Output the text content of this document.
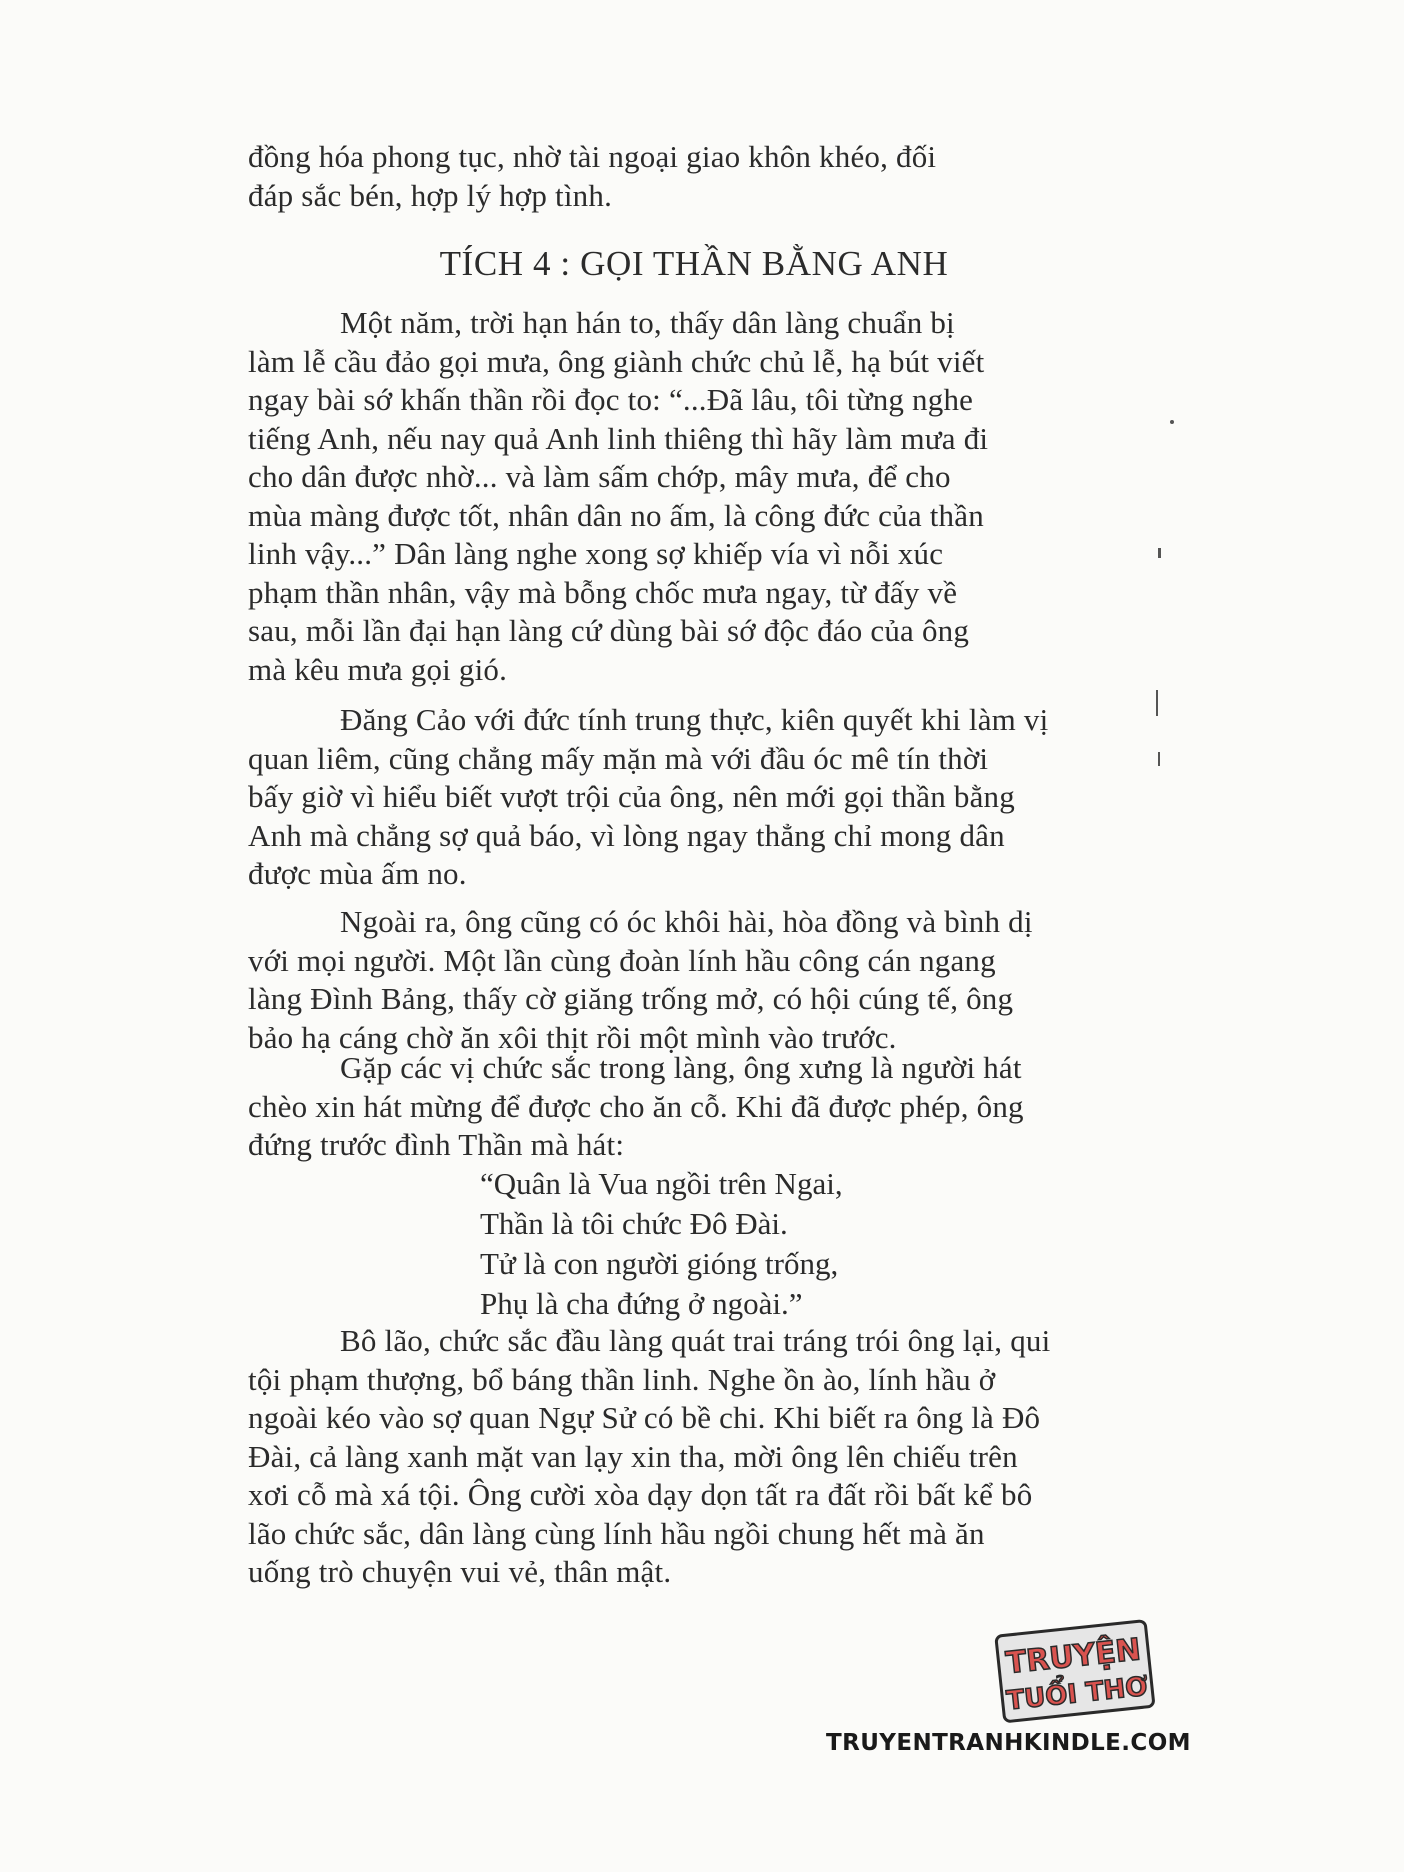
đồng hóa phong tục, nhờ tài ngoại giao khôn khéo, đối

đáp sắc bén, hợp lý hợp tình.

TÍCH 4 : GỌI THẦN BẰNG ANH

Một năm, trời hạn hán to, thấy dân làng chuẩn bị

làm lễ cầu đảo gọi mưa, ông giành chức chủ lễ, hạ bút viết

ngay bài sớ khấn thần rồi đọc to: “...Đã lâu, tôi từng nghe

tiếng Anh, nếu nay quả Anh linh thiêng thì hãy làm mưa đi

cho dân được nhờ... và làm sấm chớp, mây mưa, để cho

mùa màng được tốt, nhân dân no ấm, là công đức của thần

linh vậy...” Dân làng nghe xong sợ khiếp vía vì nỗi xúc

phạm thần nhân, vậy mà bỗng chốc mưa ngay, từ đấy về

sau, mỗi lần đại hạn làng cứ dùng bài sớ độc đáo của ông

mà kêu mưa gọi gió.

Đăng Cảo với đức tính trung thực, kiên quyết khi làm vị

quan liêm, cũng chẳng mấy mặn mà với đầu óc mê tín thời

bấy giờ vì hiểu biết vượt trội của ông, nên mới gọi thần bằng

Anh mà chẳng sợ quả báo, vì lòng ngay thẳng chỉ mong dân

được mùa ấm no.

Ngoài ra, ông cũng có óc khôi hài, hòa đồng và bình dị

với mọi người. Một lần cùng đoàn lính hầu công cán ngang

làng Đình Bảng, thấy cờ giăng trống mở, có hội cúng tế, ông

bảo hạ cáng chờ ăn xôi thịt rồi một mình vào trước.

Gặp các vị chức sắc trong làng, ông xưng là người hát

chèo xin hát mừng để được cho ăn cỗ. Khi đã được phép, ông

đứng trước đình Thần mà hát:

“Quân là Vua ngồi trên Ngai,
Thần là tôi chức Đô Đài.
Tử là con người gióng trống,
Phụ là cha đứng ở ngoài.”

Bô lão, chức sắc đầu làng quát trai tráng trói ông lại, qui

tội phạm thượng, bổ báng thần linh. Nghe ồn ào, lính hầu ở

ngoài kéo vào sợ quan Ngự Sử có bề chi. Khi biết ra ông là Đô

Đài, cả làng xanh mặt van lạy xin tha, mời ông lên chiếu trên

xơi cỗ mà xá tội. Ông cười xòa dạy dọn tất ra đất rồi bất kể bô

lão chức sắc, dân làng cùng lính hầu ngồi chung hết mà ăn

uống trò chuyện vui vẻ, thân mật.

TRUYỆN
TUỔI THƠ
TRUYENTRANHKINDLE.COM
